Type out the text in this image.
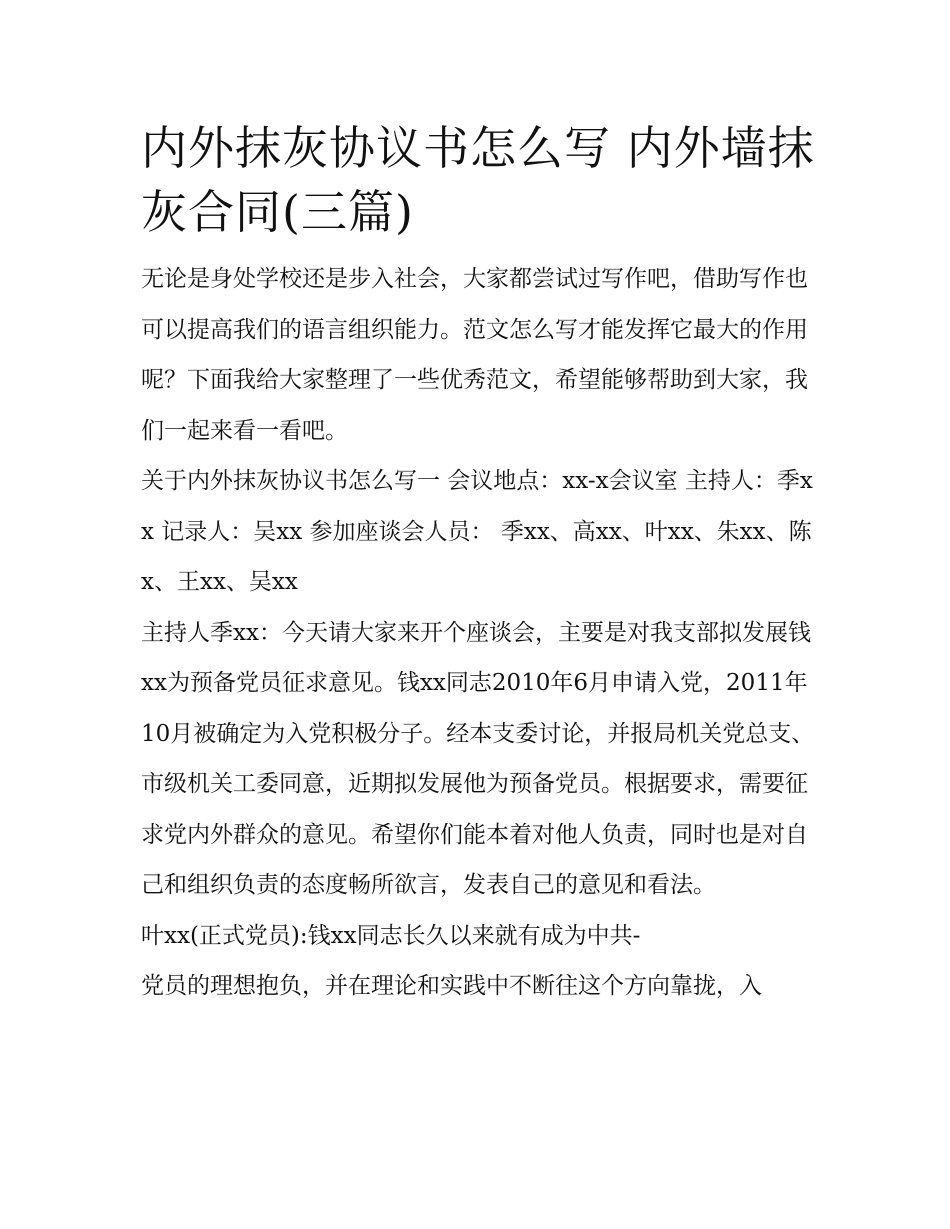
内外抹灰协议书怎么写 内外墙抹灰合同(三篇)

无论是身处学校还是步入社会，大家都尝试过写作吧，借助写作也可以提高我们的语言组织能力。范文怎么写才能发挥它最大的作用呢？下面我给大家整理了一些优秀范文，希望能够帮助到大家，我们一起来看一看吧。

关于内外抹灰协议书怎么写一 会议地点：xx-x会议室 主持人：季xx 记录人：吴xx 参加座谈会人员： 季xx、高xx、叶xx、朱xx、陈x、王xx、吴xx

主持人季xx：今天请大家来开个座谈会，主要是对我支部拟发展钱xx为预备党员征求意见。钱xx同志2010年6月申请入党，2011年10月被确定为入党积极分子。经本支委讨论，并报局机关党总支、市级机关工委同意，近期拟发展他为预备党员。根据要求，需要征求党内外群众的意见。希望你们能本着对他人负责，同时也是对自己和组织负责的态度畅所欲言，发表自己的意见和看法。

叶xx(正式党员):钱xx同志长久以来就有成为中共-

党员的理想抱负，并在理论和实践中不断往这个方向靠拢，入
